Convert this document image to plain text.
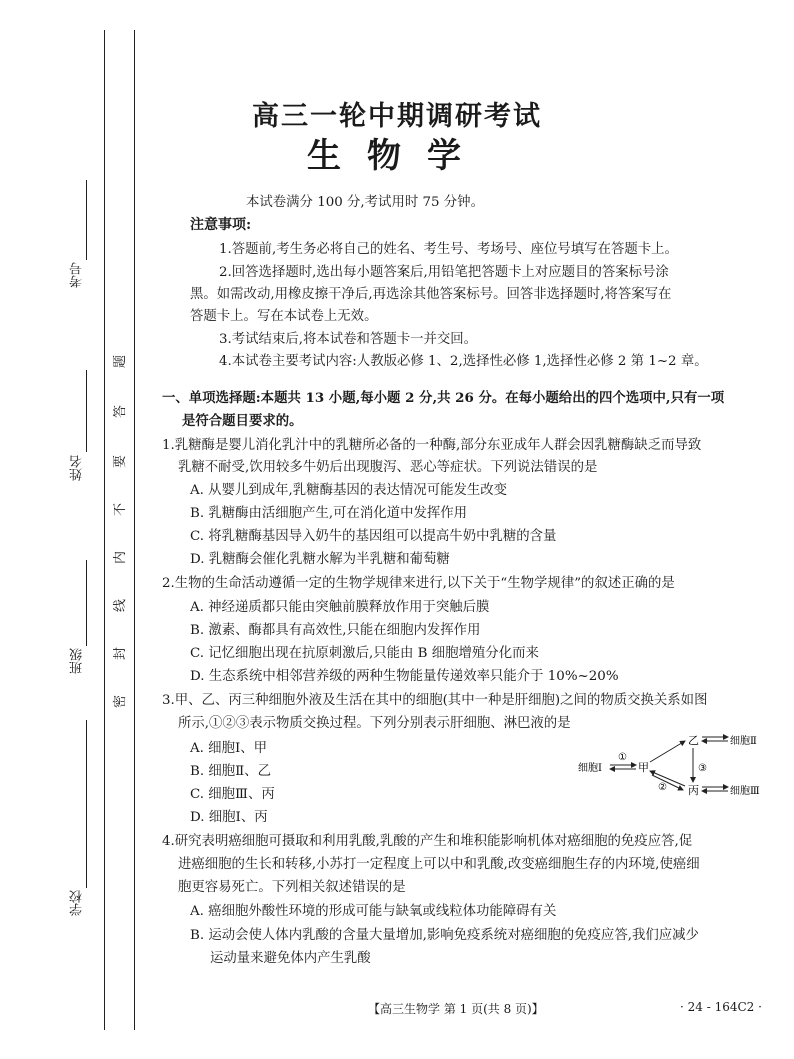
考号
姓名
班级
学校
题
答
要
不
内
线
封
密
高三一轮中期调研考试
生物学
本试卷满分 100 分,考试用时 75 分钟。
注意事项:
1.答题前,考生务必将自己的姓名、考生号、考场号、座位号填写在答题卡上。
2.回答选择题时,选出每小题答案后,用铅笔把答题卡上对应题目的答案标号涂
黑。如需改动,用橡皮擦干净后,再选涂其他答案标号。回答非选择题时,将答案写在
答题卡上。写在本试卷上无效。
3.考试结束后,将本试卷和答题卡一并交回。
4.本试卷主要考试内容:人教版必修 1、2,选择性必修 1,选择性必修 2 第 1~2 章。
一、单项选择题:本题共 13 小题,每小题 2 分,共 26 分。在每小题给出的四个选项中,只有一项
是符合题目要求的。
1.乳糖酶是婴儿消化乳汁中的乳糖所必备的一种酶,部分东亚成年人群会因乳糖酶缺乏而导致
乳糖不耐受,饮用较多牛奶后出现腹泻、恶心等症状。下列说法错误的是
A. 从婴儿到成年,乳糖酶基因的表达情况可能发生改变
B. 乳糖酶由活细胞产生,可在消化道中发挥作用
C. 将乳糖酶基因导入奶牛的基因组可以提高牛奶中乳糖的含量
D. 乳糖酶会催化乳糖水解为半乳糖和葡萄糖
2.生物的生命活动遵循一定的生物学规律来进行,以下关于“生物学规律”的叙述正确的是
A. 神经递质都只能由突触前膜释放作用于突触后膜
B. 激素、酶都具有高效性,只能在细胞内发挥作用
C. 记忆细胞出现在抗原刺激后,只能由 B 细胞增殖分化而来
D. 生态系统中相邻营养级的两种生物能量传递效率只能介于 10%~20%
3.甲、乙、丙三种细胞外液及生活在其中的细胞(其中一种是肝细胞)之间的物质交换关系如图
所示,①②③表示物质交换过程。下列分别表示肝细胞、淋巴液的是
A. 细胞Ⅰ、甲
B. 细胞Ⅱ、乙
C. 细胞Ⅲ、丙
D. 细胞Ⅰ、丙
细胞Ⅰ	甲
乙
丙
细胞Ⅱ
细胞Ⅲ
①
②
③
4.研究表明癌细胞可摄取和利用乳酸,乳酸的产生和堆积能影响机体对癌细胞的免疫应答,促
进癌细胞的生长和转移,小苏打一定程度上可以中和乳酸,改变癌细胞生存的内环境,使癌细
胞更容易死亡。下列相关叙述错误的是
A. 癌细胞外酸性环境的形成可能与缺氧或线粒体功能障碍有关
B. 运动会使人体内乳酸的含量大量增加,影响免疫系统对癌细胞的免疫应答,我们应减少
运动量来避免体内产生乳酸
【高三生物学 第 1 页(共 8 页)】	· 24 - 164C2 ·
